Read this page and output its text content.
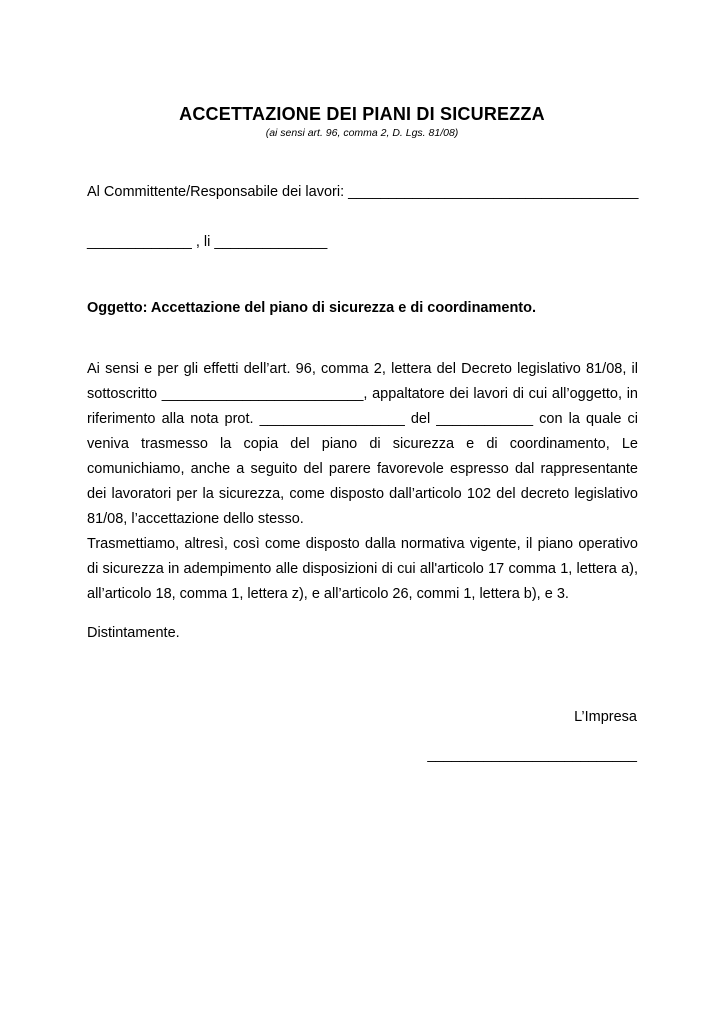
ACCETTAZIONE DEI PIANI DI SICUREZZA
(ai sensi art. 96, comma 2, D. Lgs. 81/08)
Al Committente/Responsabile dei lavori: ____________________________________
_____________ , li ______________
Oggetto: Accettazione del piano di sicurezza e di coordinamento.

Ai sensi e per gli effetti dell’art. 96, comma 2, lettera del Decreto legislativo 81/08, il sottoscritto _________________________, appaltatore dei lavori di cui all’oggetto, in riferimento alla nota prot. __________________ del ____________ con la quale ci veniva trasmesso la copia del piano di sicurezza e di coordinamento, Le comunichiamo, anche a seguito del parere favorevole espresso dal rappresentante dei lavoratori per la sicurezza, come disposto dall’articolo 102 del decreto legislativo 81/08, l’accettazione dello stesso.

Trasmettiamo, altresì, così come disposto dalla normativa vigente, il piano operativo di sicurezza in adempimento alle disposizioni di cui all'articolo 17 comma 1, lettera a), all’articolo 18, comma 1, lettera z), e all’articolo 26, commi 1, lettera b), e 3.

Distintamente.
L’Impresa
__________________________
